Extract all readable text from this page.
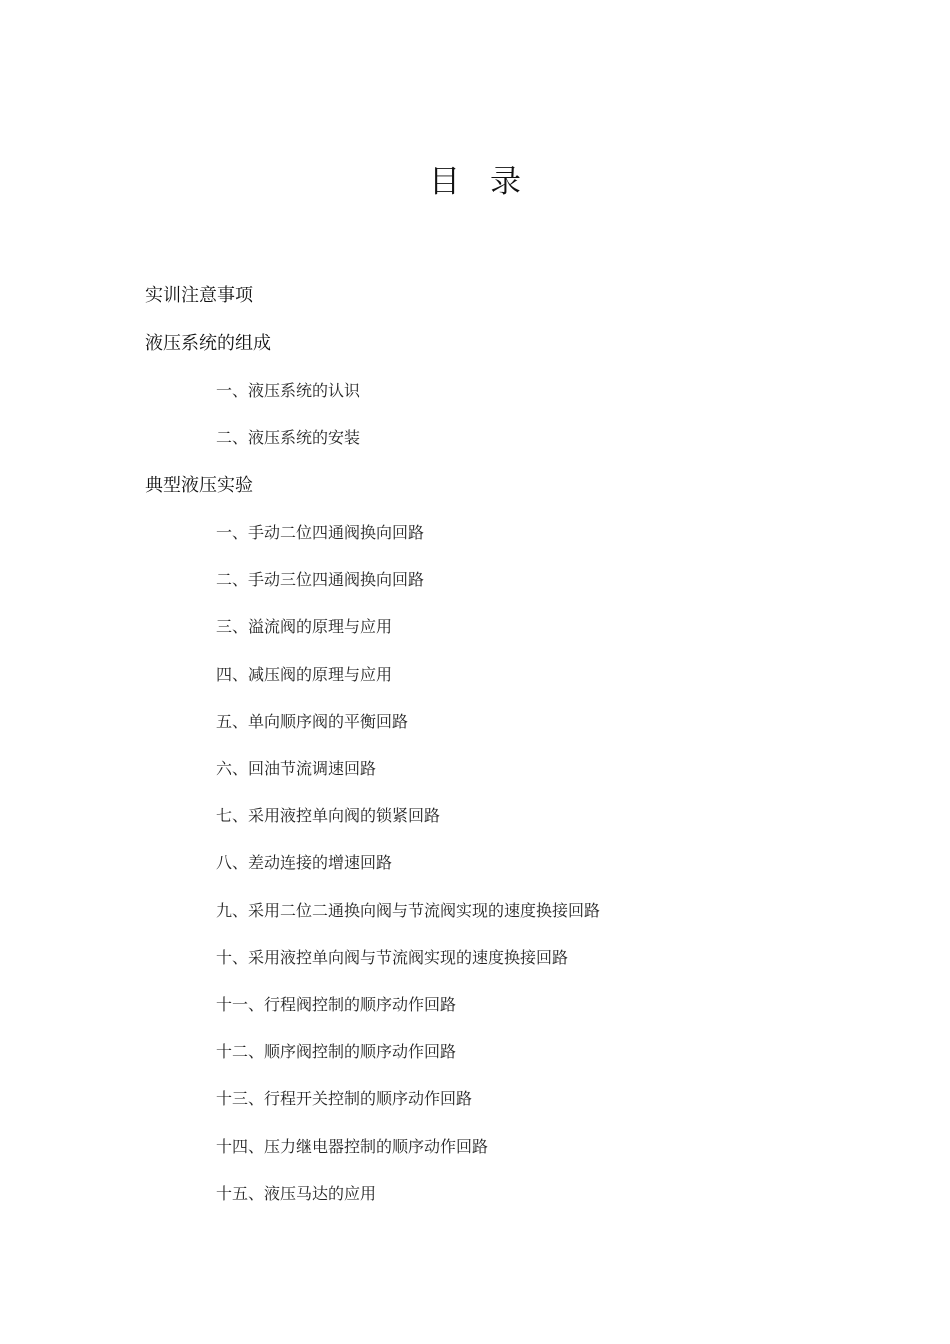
目录
实训注意事项
液压系统的组成
一、液压系统的认识
二、液压系统的安装
典型液压实验
一、手动二位四通阀换向回路
二、手动三位四通阀换向回路
三、溢流阀的原理与应用
四、减压阀的原理与应用
五、单向顺序阀的平衡回路
六、回油节流调速回路
七、采用液控单向阀的锁紧回路
八、差动连接的增速回路
九、采用二位二通换向阀与节流阀实现的速度换接回路
十、采用液控单向阀与节流阀实现的速度换接回路
十一、行程阀控制的顺序动作回路
十二、顺序阀控制的顺序动作回路
十三、行程开关控制的顺序动作回路
十四、压力继电器控制的顺序动作回路
十五、液压马达的应用
